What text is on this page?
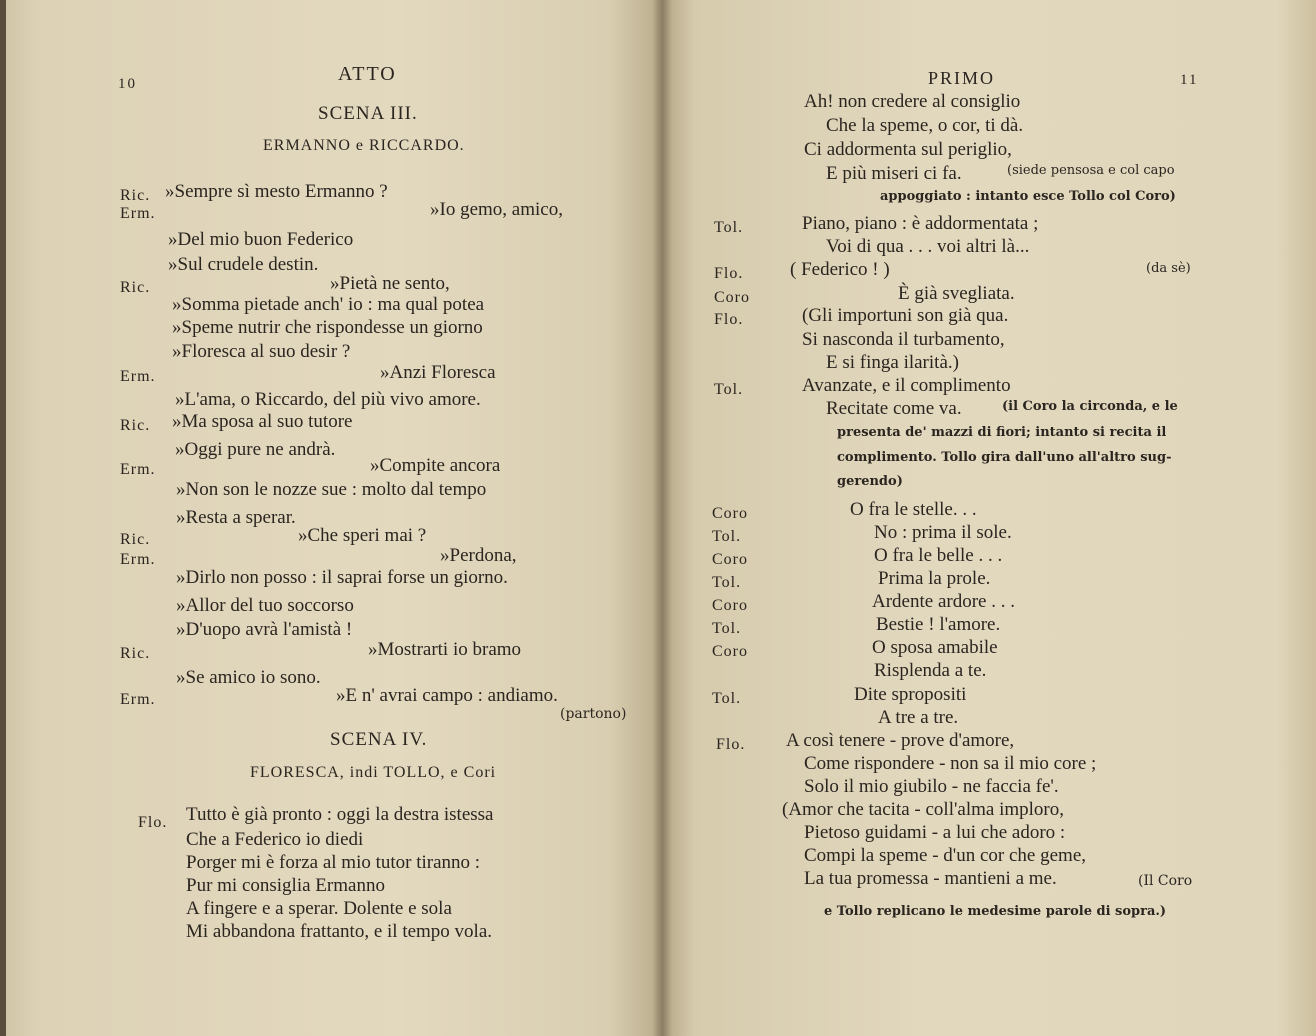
10	ATTO
SCENA III.
ERMANNO e RICCARDO.
Ric. »Sempre sì mesto Ermanno ?
Erm.	»Io gemo, amico,
»Del mio buon Federico
»Sul crudele destin.
Ric.	»Pietà ne sento,
»Somma pietade anch' io : ma qual potea
»Speme nutrir che rispondesse un giorno
»Floresca al suo desir ?
Erm.	»Anzi Floresca
»L'ama, o Riccardo, del più vivo amore.
Ric. »Ma sposa al suo tutore
»Oggi pure ne andrà.
Erm.	»Compite ancora
»Non son le nozze sue : molto dal tempo
»Resta a sperar.
Ric.	»Che speri mai ?
Erm.	»Perdona,
»Dirlo non posso : il saprai forse un giorno.
»Allor del tuo soccorso
»D'uopo avrà l'amistà !
Ric.	»Mostrarti io bramo
»Se amico io sono.
Erm.	»E n' avrai campo : andiamo.
(partono)
SCENA IV.
FLORESCA, indi TOLLO, e Cori
Flo. Tutto è già pronto : oggi la destra istessa
Che a Federico io diedi
Porger mi è forza al mio tutor tiranno :
Pur mi consiglia Ermanno
A fingere e a sperar. Dolente e sola
Mi abbandona frattanto, e il tempo vola.
PRIMO	11
Ah! non credere al consiglio
Che la speme, o cor, ti dà.
Ci addormenta sul periglio,
E più miseri ci fa.
Tol.	Piano, piano : è addormentata ;
Voi di qua . . . voi altri là...
Flo. ( Federico ! )
Coro	È già svegliata.
Flo.	(Gli importuni son già qua.
Si nasconda il turbamento,
E si finga ilarità.)
Tol.	Avanzate, e il complimento
Recitate come va.
(siede pensosa e col capo
appoggiato : intanto esce Tollo col Coro)
(da sè)
(il Coro la circonda, e le
presenta de' mazzi di fiori; intanto si recita il
complimento. Tollo gira dall'uno all'altro sug-
gerendo)
Coro	O fra le stelle. . .
Tol.	No : prima il sole.
Coro	O fra le belle . . .
Tol.	Prima la prole.
Coro	Ardente ardore . . .
Tol.	Bestie ! l'amore.
Coro	O sposa amabile
Risplenda a te.
Tol.	Dite spropositi
A tre a tre.
Flo. A così tenere - prove d'amore,
Come rispondere - non sa il mio core ;
Solo il mio giubilo - ne faccia fe'.
(Amor che tacita - coll'alma imploro,
Pietoso guidami - a lui che adoro :
Compi la speme - d'un cor che geme,
La tua promessa - mantieni a me.	(Il Coro
e Tollo replicano le medesime parole di sopra.)
